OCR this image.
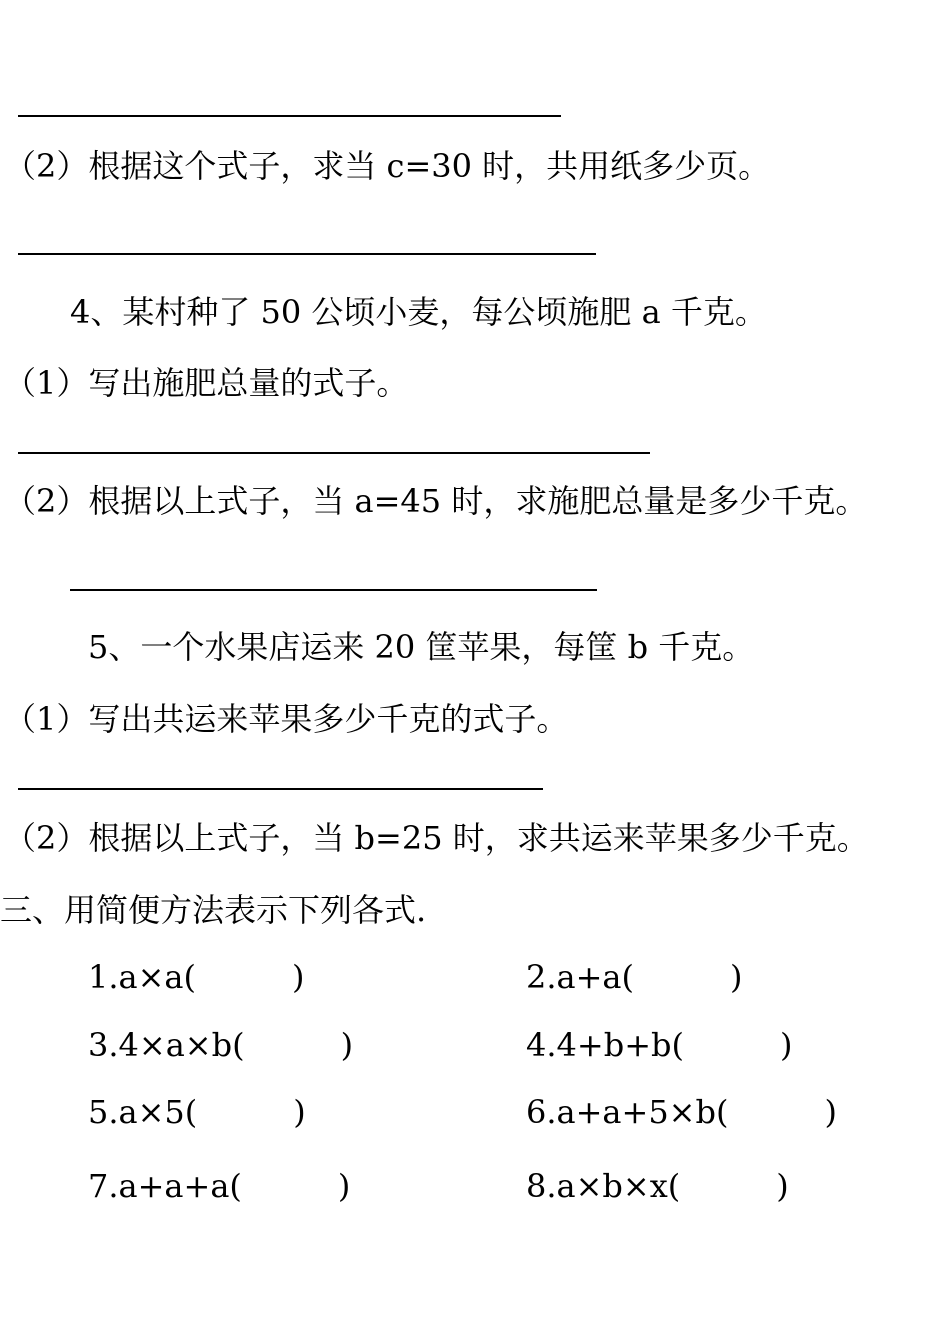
（2）根据这个式子，求当 c=30 时，共用纸多少页。
4、某村种了 50 公顷小麦，每公顷施肥 a 千克。
（1）写出施肥总量的式子。
（2）根据以上式子，当 a=45 时，求施肥总量是多少千克。
5、一个水果店运来 20 筐苹果，每筐 b 千克。
（1）写出共运来苹果多少千克的式子。
（2）根据以上式子，当 b=25 时，求共运来苹果多少千克。
三、用简便方法表示下列各式.
1.a×a(	)	2.a+a(	)
3.4×a×b(	)	4.4+b+b(	)
5.a×5(	)	6.a+a+5×b(	)
7.a+a+a(	)	8.a×b×x(	)
